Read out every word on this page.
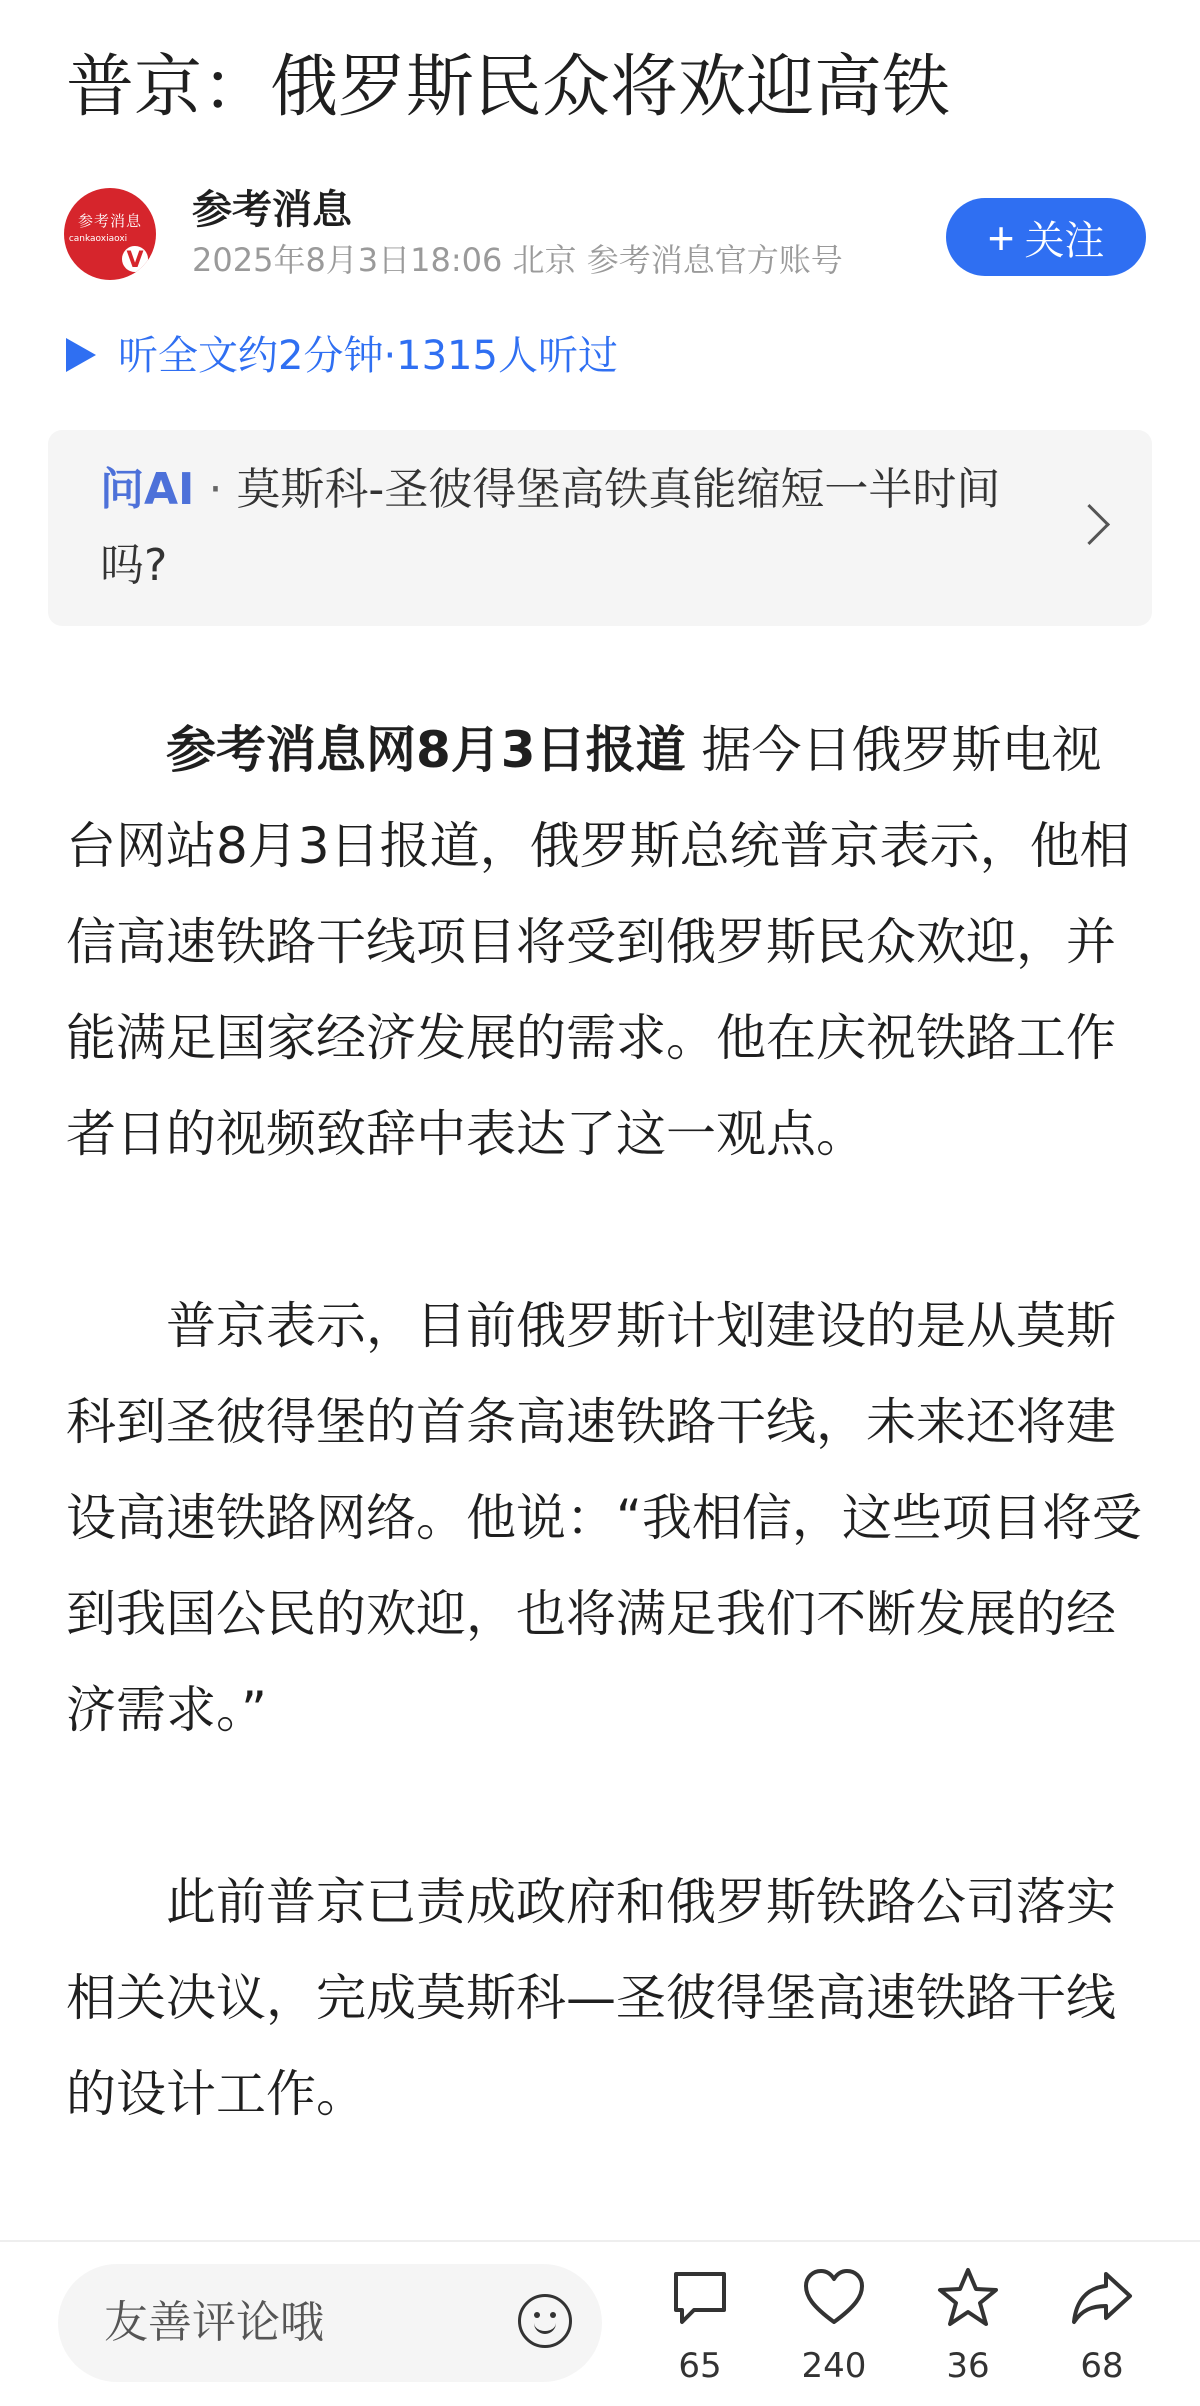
普京：俄罗斯民众将欢迎高铁
参考消息
cankaoxiaoxi
V
参考消息
2025年8月3日18:06 北京 参考消息官方账号	+ 关注
听全文约2分钟·1315人听过
问AI · 莫斯科-圣彼得堡高铁真能缩短一半时间吗?

参考消息网8月3日报道 据今日俄罗斯电视台网站8月3日报道，俄罗斯总统普京表示，他相信高速铁路干线项目将受到俄罗斯民众欢迎，并能满足国家经济发展的需求。他在庆祝铁路工作者日的视频致辞中表达了这一观点。

普京表示，目前俄罗斯计划建设的是从莫斯科到圣彼得堡的首条高速铁路干线，未来还将建设高速铁路网络。他说：“我相信，这些项目将受到我国公民的欢迎，也将满足我们不断发展的经济需求。”

此前普京已责成政府和俄罗斯铁路公司落实相关决议，完成莫斯科—圣彼得堡高速铁路干线的设计工作。

友善评论哦
65	240	36	68
